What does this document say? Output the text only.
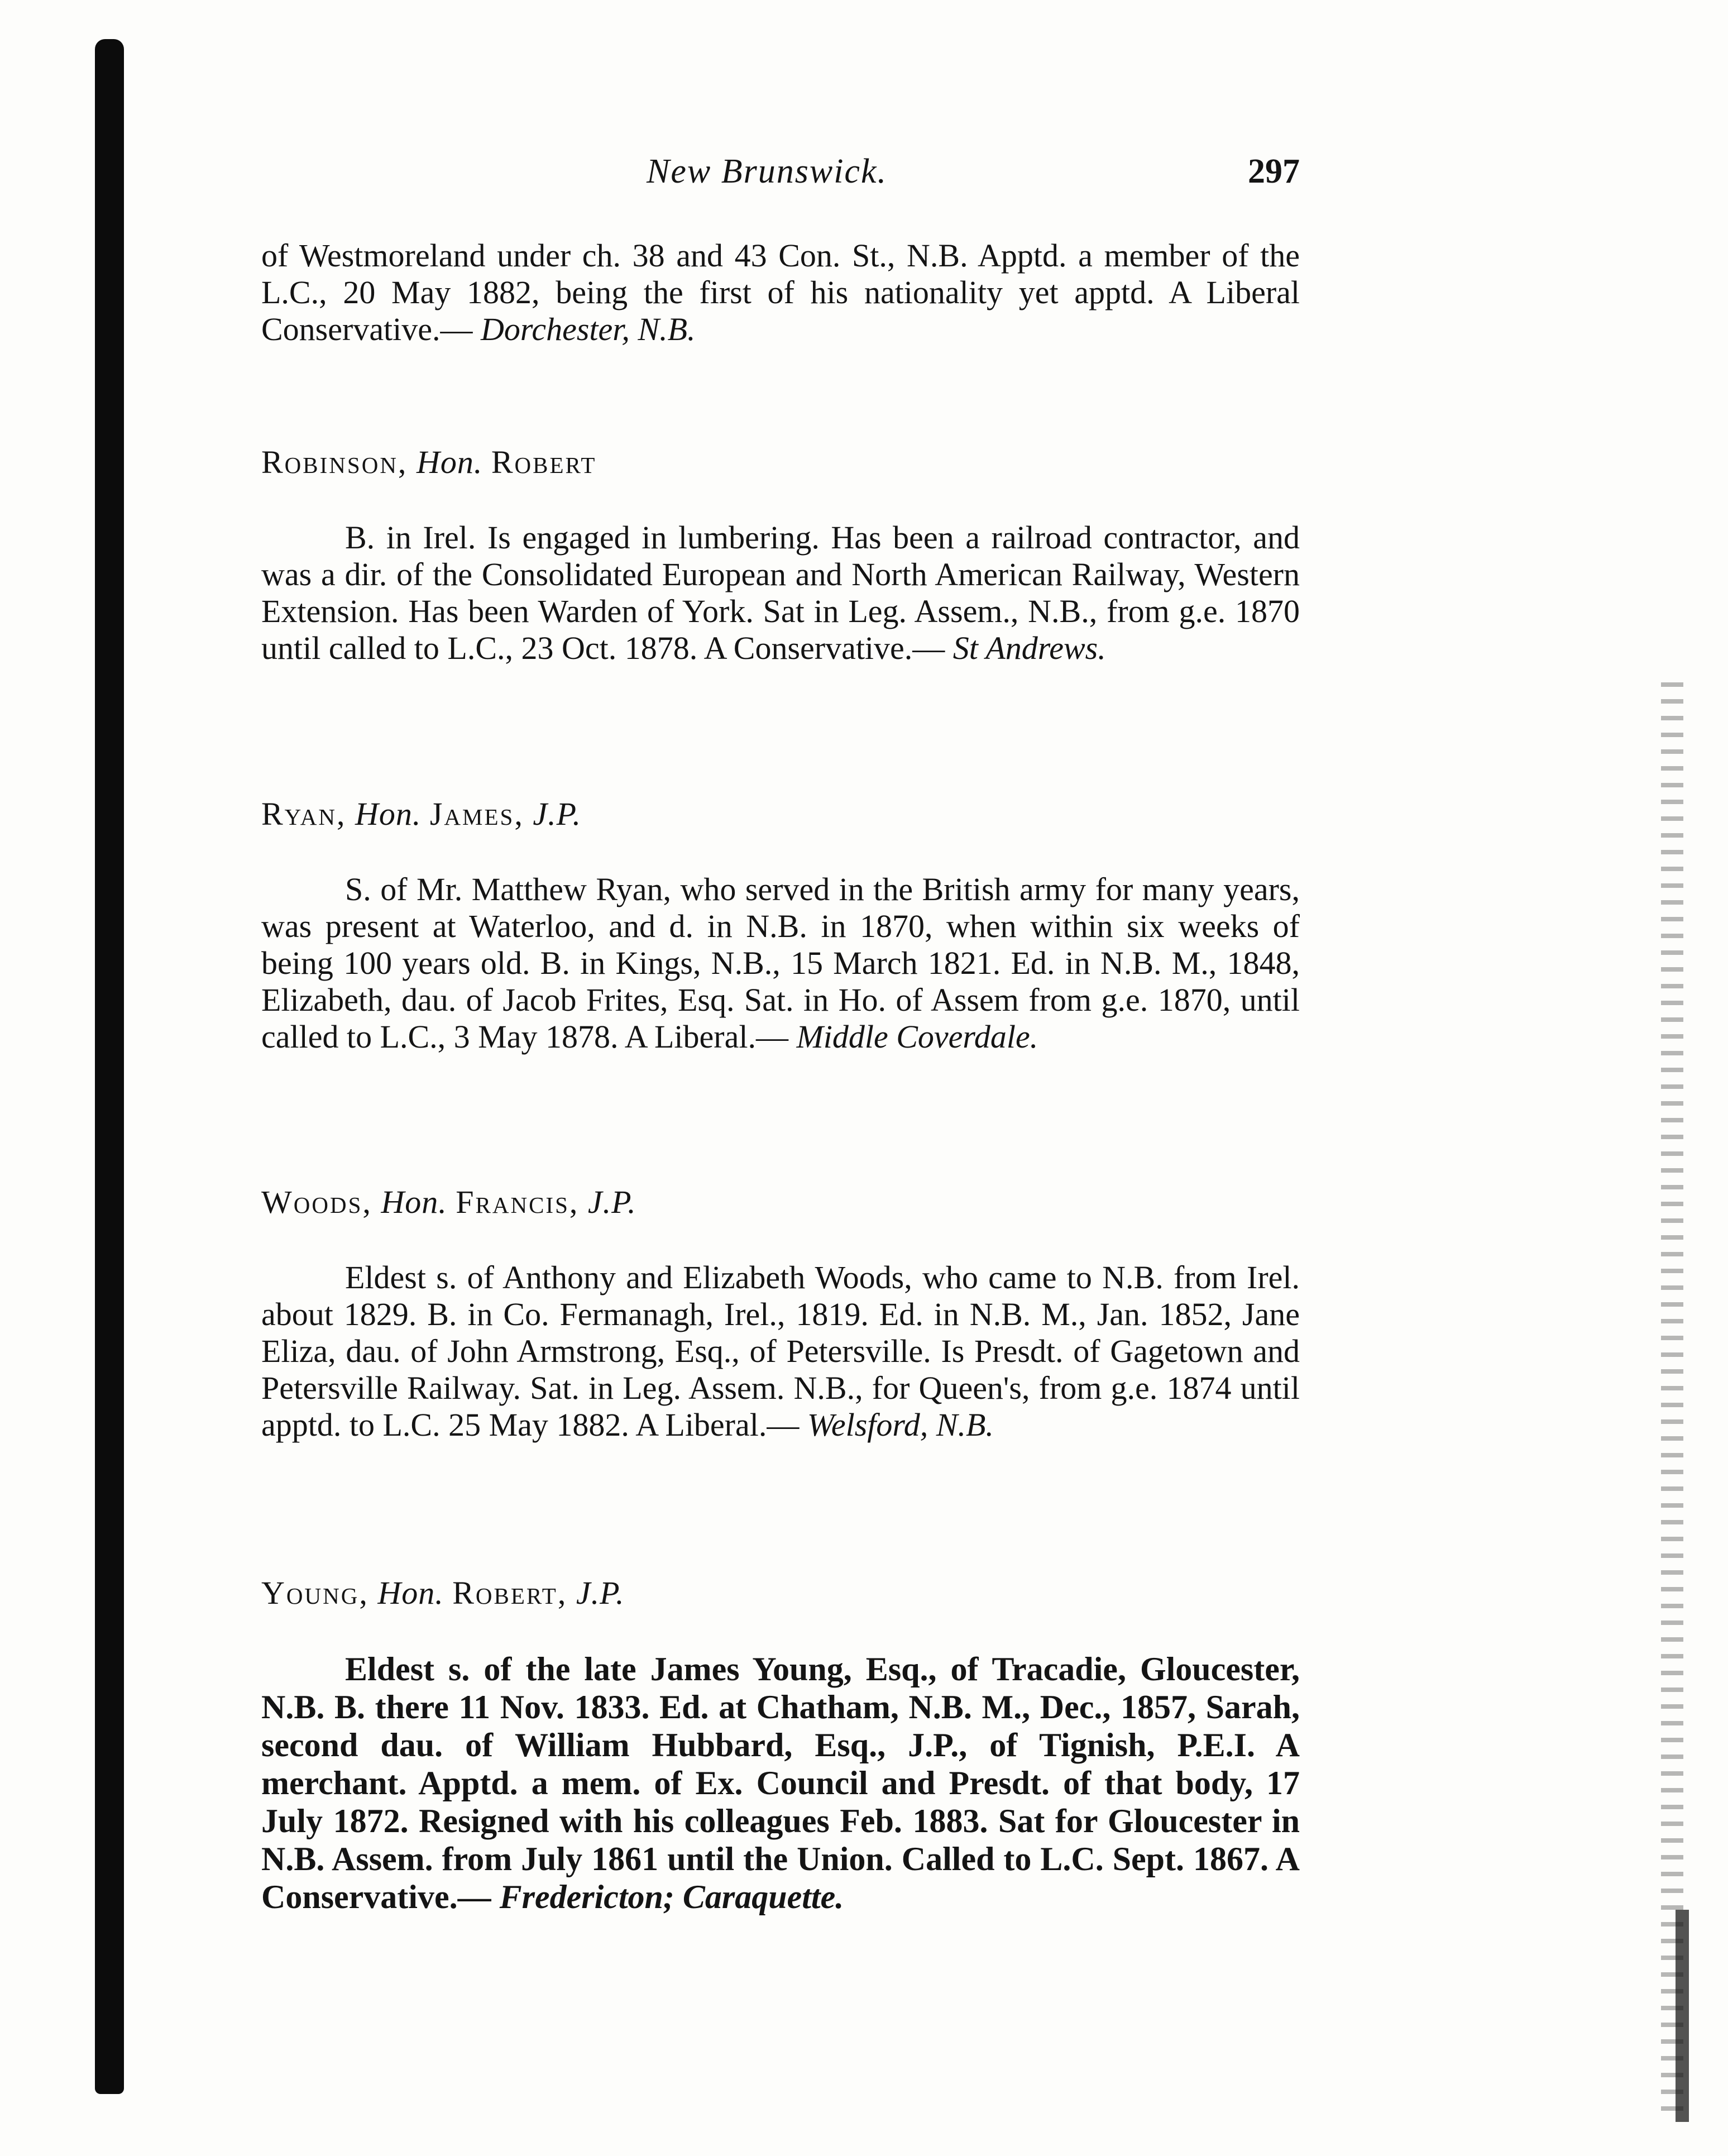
New Brunswick.	297

of Westmoreland under ch. 38 and 43 Con. St., N.B. Apptd. a member of the L.C., 20 May 1882, being the first of his nationality yet apptd. A Liberal Conservative.— Dorchester, N.B.

Robinson, Hon. Robert

B. in Irel. Is engaged in lumbering. Has been a railroad contractor, and was a dir. of the Consolidated European and North American Railway, Western Extension. Has been Warden of York. Sat in Leg. Assem., N.B., from g.e. 1870 until called to L.C., 23 Oct. 1878. A Conservative.— St Andrews.

Ryan, Hon. James, J.P.

S. of Mr. Matthew Ryan, who served in the British army for many years, was present at Waterloo, and d. in N.B. in 1870, when within six weeks of being 100 years old. B. in Kings, N.B., 15 March 1821. Ed. in N.B. M., 1848, Elizabeth, dau. of Jacob Frites, Esq. Sat. in Ho. of Assem from g.e. 1870, until called to L.C., 3 May 1878. A Liberal.— Middle Coverdale.

Woods, Hon. Francis, J.P.

Eldest s. of Anthony and Elizabeth Woods, who came to N.B. from Irel. about 1829. B. in Co. Fermanagh, Irel., 1819. Ed. in N.B. M., Jan. 1852, Jane Eliza, dau. of John Armstrong, Esq., of Petersville. Is Presdt. of Gagetown and Petersville Railway. Sat. in Leg. Assem. N.B., for Queen's, from g.e. 1874 until apptd. to L.C. 25 May 1882. A Liberal.— Welsford, N.B.

Young, Hon. Robert, J.P.

Eldest s. of the late James Young, Esq., of Tracadie, Gloucester, N.B. B. there 11 Nov. 1833. Ed. at Chatham, N.B. M., Dec., 1857, Sarah, second dau. of William Hubbard, Esq., J.P., of Tignish, P.E.I. A merchant. Apptd. a mem. of Ex. Council and Presdt. of that body, 17 July 1872. Resigned with his colleagues Feb. 1883. Sat for Gloucester in N.B. Assem. from July 1861 until the Union. Called to L.C. Sept. 1867. A Conservative.— Fredericton; Caraquette.
